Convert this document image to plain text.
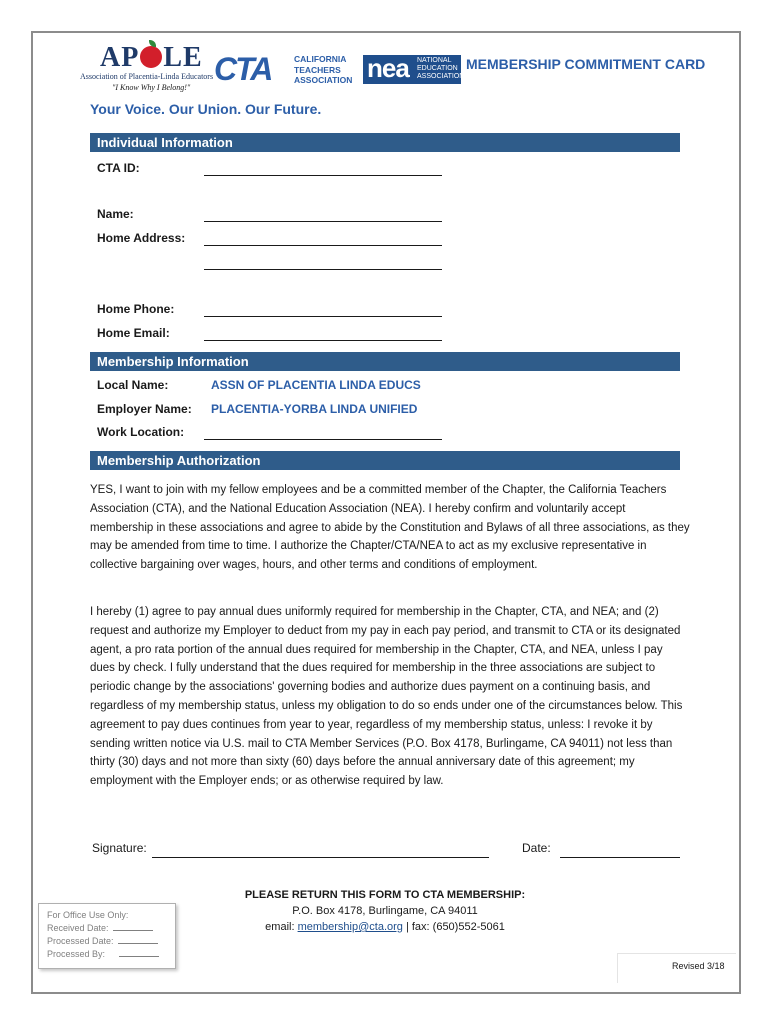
AP LE
Association of Placentia-Linda Educators
"I Know Why I Belong!"
CTA	CALIFORNIA
TEACHERS
ASSOCIATION nea NATIONAL
EDUCATION
ASSOCIATION
MEMBERSHIP COMMITMENT CARD
Your Voice. Our Union. Our Future.
Individual Information
CTA ID:
Name:
Home Address:
Home Phone:
Home Email:
Membership Information
Local Name:	ASSN OF PLACENTIA LINDA EDUCS
Employer Name: PLACENTIA-YORBA LINDA UNIFIED
Work Location:
Membership Authorization
YES, I want to join with my fellow employees and be a committed member of the Chapter, the California Teachers Association (CTA), and the National Education Association (NEA). I hereby confirm and voluntarily accept membership in these associations and agree to abide by the Constitution and Bylaws of all three associations, as they may be amended from time to time. I authorize the Chapter/CTA/NEA to act as my exclusive representative in collective bargaining over wages, hours, and other terms and conditions of employment.
I hereby (1) agree to pay annual dues uniformly required for membership in the Chapter, CTA, and NEA; and (2) request and authorize my Employer to deduct from my pay in each pay period, and transmit to CTA or its designated agent, a pro rata portion of the annual dues required for membership in the Chapter, CTA, and NEA, unless I pay dues by check. I fully understand that the dues required for membership in the three associations are subject to periodic change by the associations' governing bodies and authorize dues payment on a continuing basis, and regardless of my membership status, unless my obligation to do so ends under one of the circumstances below. This agreement to pay dues continues from year to year, regardless of my membership status, unless: I revoke it by sending written notice via U.S. mail to CTA Member Services (P.O. Box 4178, Burlingame, CA 94011) not less than thirty (30) days and not more than sixty (60) days before the annual anniversary date of this agreement; my employment with the Employer ends; or as otherwise required by law.
Signature:	Date:
For Office Use Only:
Received Date:
Processed Date:
Processed By:
PLEASE RETURN THIS FORM TO CTA MEMBERSHIP:
P.O. Box 4178, Burlingame, CA 94011
email: membership@cta.org | fax: (650)552-5061
Revised 3/18
